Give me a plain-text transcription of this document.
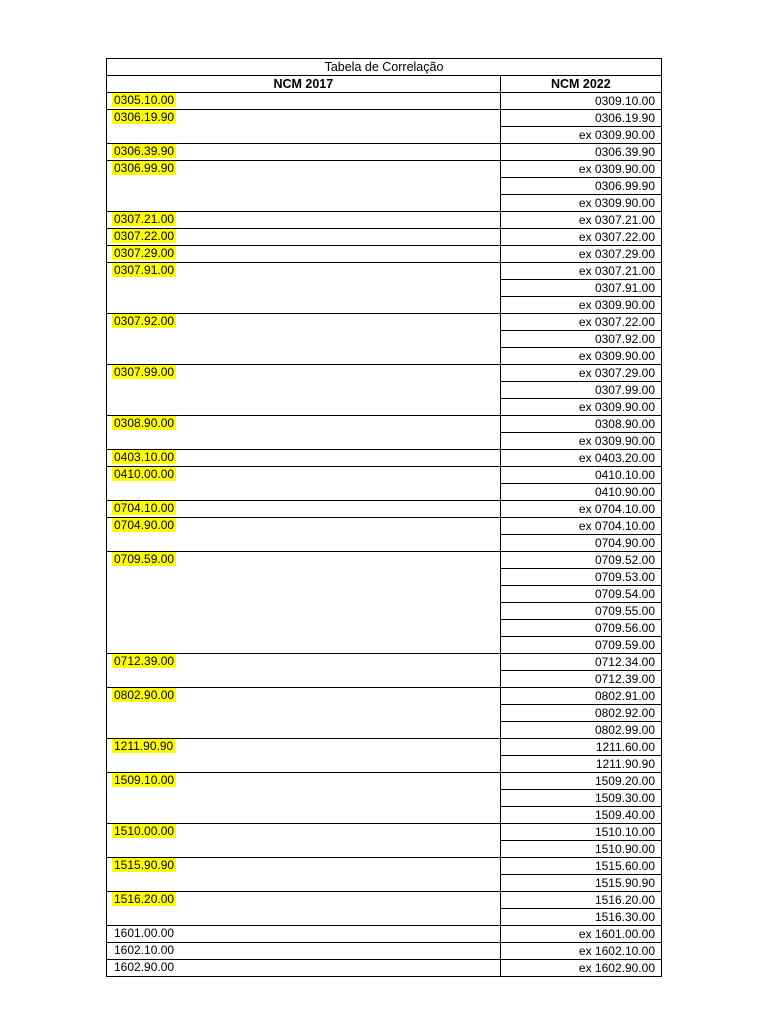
Tabela de Correlação	
NCM 2017	NCM 2022
0305.10.00	0309.10.00
0306.19.90	0306.19.90
	ex 0309.90.00
0306.39.90	0306.39.90
0306.99.90	ex 0309.90.00
	0306.99.90
	ex 0309.90.00
0307.21.00	ex 0307.21.00
0307.22.00	ex 0307.22.00
0307.29.00	ex 0307.29.00
0307.91.00	ex 0307.21.00
	0307.91.00
	ex 0309.90.00
0307.92.00	ex 0307.22.00
	0307.92.00
	ex 0309.90.00
0307.99.00	ex 0307.29.00
	0307.99.00
	ex 0309.90.00
0308.90.00	0308.90.00
	ex 0309.90.00
0403.10.00	ex 0403.20.00
0410.00.00	0410.10.00
	0410.90.00
0704.10.00	ex 0704.10.00
0704.90.00	ex 0704.10.00
	0704.90.00
0709.59.00	0709.52.00
	0709.53.00
	0709.54.00
	0709.55.00
	0709.56.00
	0709.59.00
0712.39.00	0712.34.00
	0712.39.00
0802.90.00	0802.91.00
	0802.92.00
	0802.99.00
1211.90.90	1211.60.00
	1211.90.90
1509.10.00	1509.20.00
	1509.30.00
	1509.40.00
1510.00.00	1510.10.00
	1510.90.00
1515.90.90	1515.60.00
	1515.90.90
1516.20.00	1516.20.00
	1516.30.00
1601.00.00	ex 1601.00.00
1602.10.00	ex 1602.10.00
1602.90.00	ex 1602.90.00
